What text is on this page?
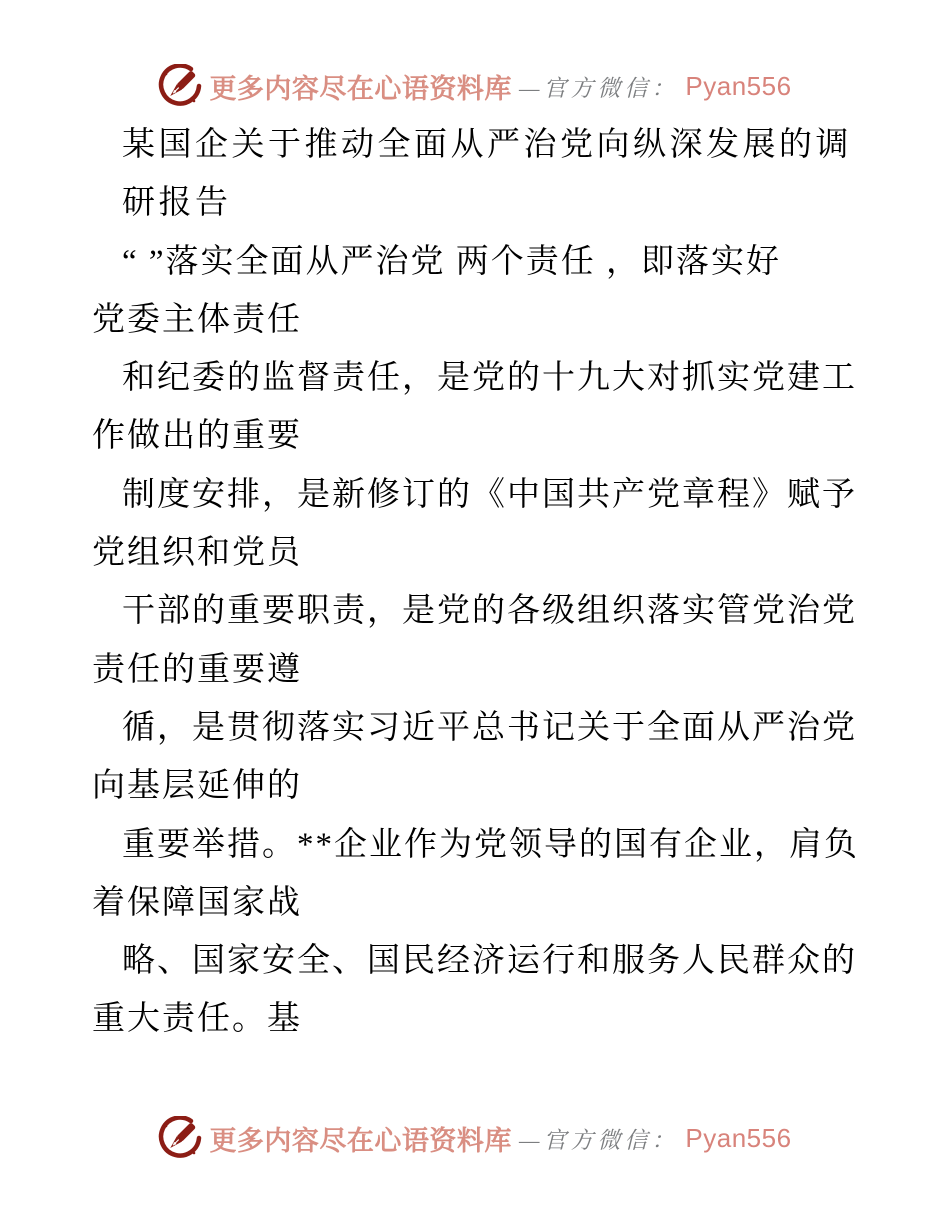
更多内容尽在心语资料库 —官方微信： Pyan556
某国企关于推动全面从严治党向纵深发展的调
研报告
“ ”落实全面从严治党 两个责任 ，即落实好
党委主体责任
和纪委的监督责任，是党的十九大对抓实党建工
作做出的重要
制度安排，是新修订的《中国共产党章程》赋予
党组织和党员
干部的重要职责，是党的各级组织落实管党治党
责任的重要遵
循，是贯彻落实习近平总书记关于全面从严治党
向基层延伸的
重要举措。**企业作为党领导的国有企业，肩负
着保障国家战
略、国家安全、国民经济运行和服务人民群众的
重大责任。基
更多内容尽在心语资料库 —官方微信： Pyan556
